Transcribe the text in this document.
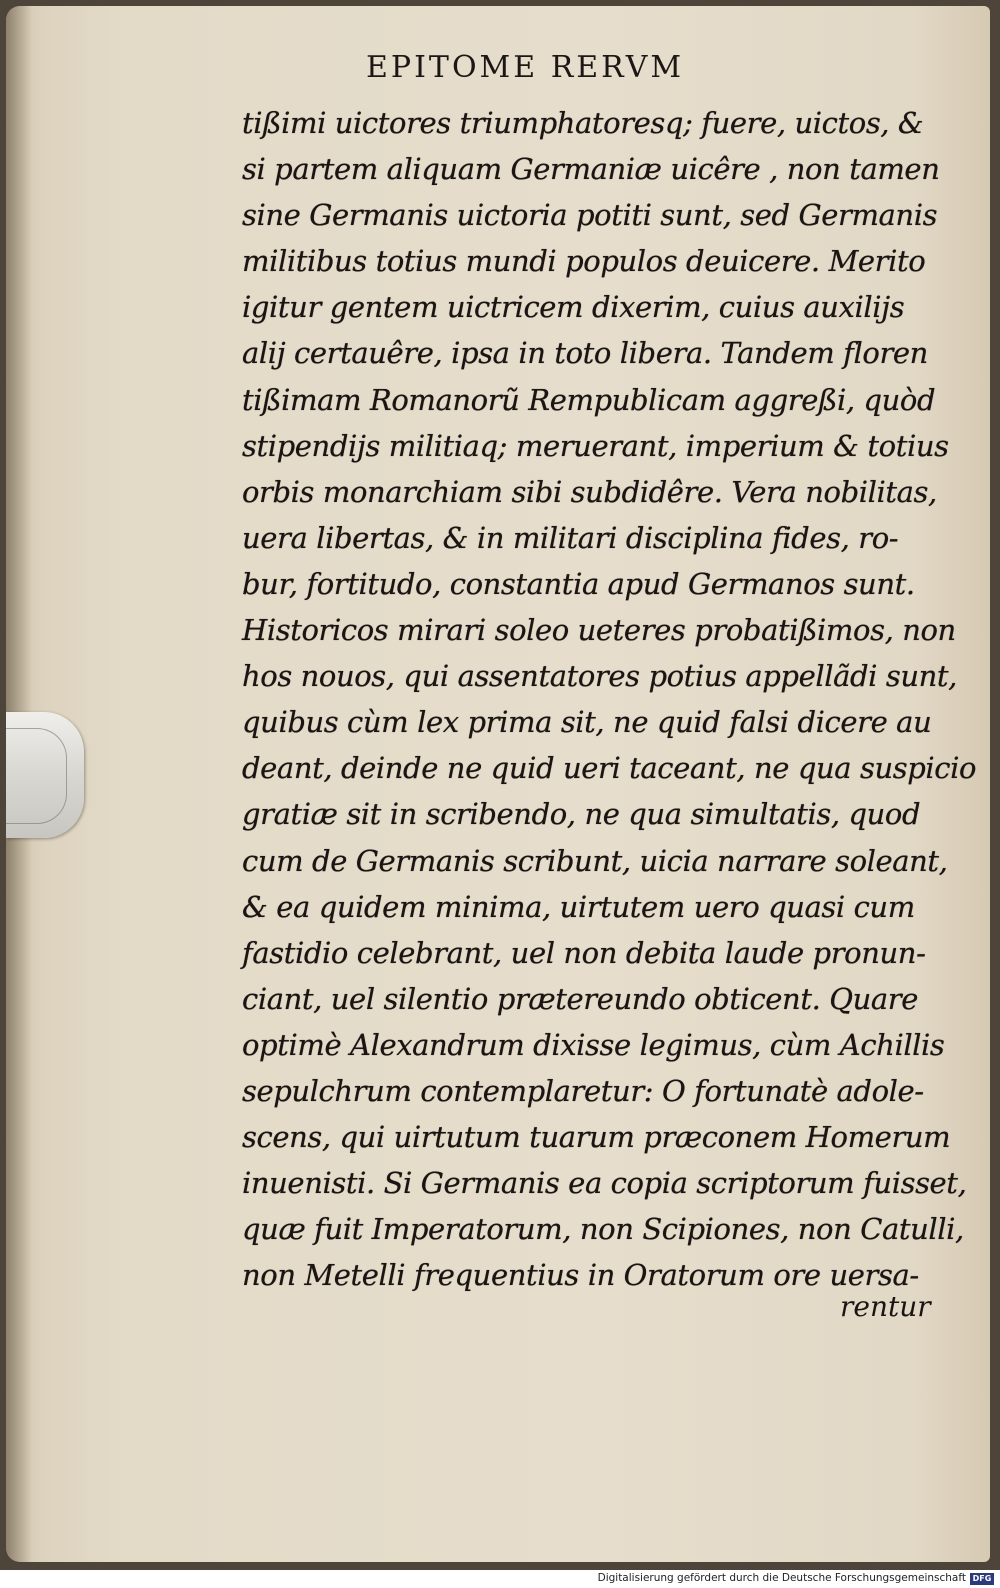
EPITOME RERVM
tißimi uictores triumphatoresq; fuere, uictos, &
si partem aliquam Germaniæ uicêre , non tamen
sine Germanis uictoria potiti sunt, sed Germanis
militibus totius mundi populos deuicere. Merito
igitur gentem uictricem dixerim, cuius auxilijs
alij certauêre, ipsa in toto libera. Tandem floren
tißimam Romanorũ Rempublicam aggreßi, quòd
stipendijs militiaq; meruerant, imperium & totius
orbis monarchiam sibi subdidêre. Vera nobilitas,
uera libertas, & in militari disciplina fides, ro-
bur, fortitudo, constantia apud Germanos sunt.
Historicos mirari soleo ueteres probatißimos, non
hos nouos, qui assentatores potius appellãdi sunt,
quibus cùm lex prima sit, ne quid falsi dicere au
deant, deinde ne quid ueri taceant, ne qua suspicio
gratiæ sit in scribendo, ne qua simultatis, quod
cum de Germanis scribunt, uicia narrare soleant,
& ea quidem minima, uirtutem uero quasi cum
fastidio celebrant, uel non debita laude pronun-
ciant, uel silentio prætereundo obticent. Quare
optimè Alexandrum dixisse legimus, cùm Achillis
sepulchrum contemplaretur: O fortunatè adole-
scens, qui uirtutum tuarum præconem Homerum
inuenisti. Si Germanis ea copia scriptorum fuisset,
quæ fuit Imperatorum, non Scipiones, non Catulli,
non Metelli frequentius in Oratorum ore uersa-
rentur
Digitalisierung gefördert durch die Deutsche Forschungsgemeinschaft DFG
